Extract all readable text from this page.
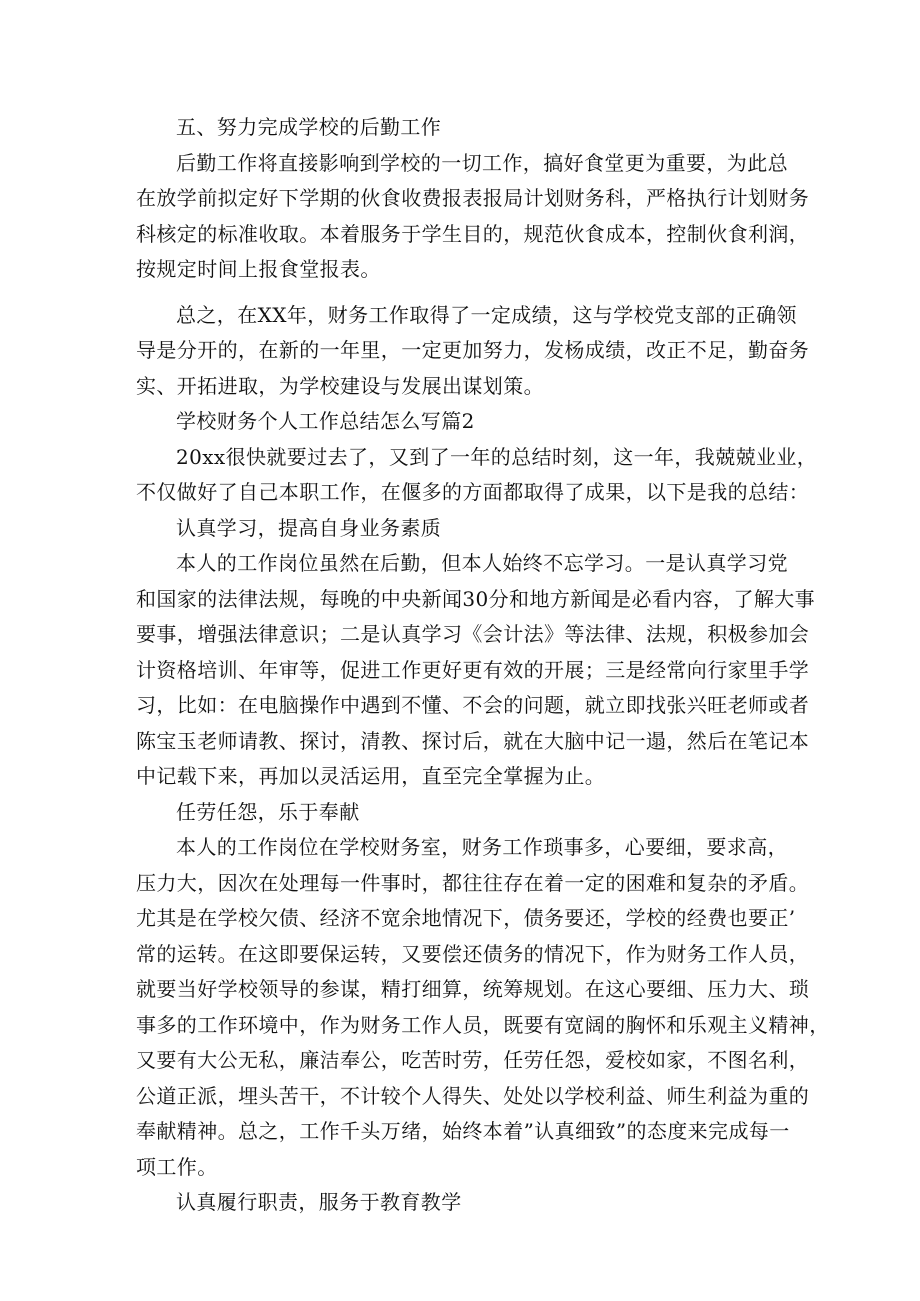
五、努力完成学校的后勤工作

后勤工作将直接影响到学校的一切工作，搞好食堂更为重要，为此总
在放学前拟定好下学期的伙食收费报表报局计划财务科，严格执行计划财务
科核定的标准收取。本着服务于学生目的，规范伙食成本，控制伙食利润，
按规定时间上报食堂报表。

总之，在XX年，财务工作取得了一定成绩，这与学校党支部的正确领
导是分开的，在新的一年里，一定更加努力，发杨成绩，改正不足，勤奋务
实、开拓进取，为学校建设与发展出谋划策。

学校财务个人工作总结怎么写篇2

20xx很快就要过去了，又到了一年的总结时刻，这一年，我兢兢业业，
不仅做好了自己本职工作，在偃多的方面都取得了成果，以下是我的总结：

认真学习，提高自身业务素质

本人的工作岗位虽然在后勤，但本人始终不忘学习。一是认真学习党
和国家的法律法规，每晚的中央新闻30分和地方新闻是必看内容，了解大事
要事，增强法律意识；二是认真学习《会计法》等法律、法规，积极参加会
计资格培训、年审等，促进工作更好更有效的开展；三是经常向行家里手学
习，比如：在电脑操作中遇到不懂、不会的问题，就立即找张兴旺老师或者
陈宝玉老师请教、探讨，清教、探讨后，就在大脑中记一遢，然后在笔记本
中记载下来，再加以灵活运用，直至完全掌握为止。

任劳任怨，乐于奉献

本人的工作岗位在学校财务室，财务工作琐事多，心要细，要求高，
压力大，因次在处理每一件事时，都往往存在着一定的困难和复杂的矛盾。
尤其是在学校欠债、经济不宽余地情况下，债务要还，学校的经费也要正’
常的运转。在这即要保运转，又要偿还债务的情况下，作为财务工作人员，
就要当好学校领导的参谋，精打细算，统筹规划。在这心要细、压力大、琐
事多的工作环境中，作为财务工作人员，既要有宽阔的胸怀和乐观主义精神，
又要有大公无私，廉洁奉公，吃苦时劳，任劳任怨，爱校如家，不图名利，
公道正派，埋头苦干，不计较个人得失、处处以学校利益、师生利益为重的
奉献精神。总之，工作千头万绪，始终本着”认真细致”的态度来完成每一
项工作。

认真履行职责，服务于教育教学
